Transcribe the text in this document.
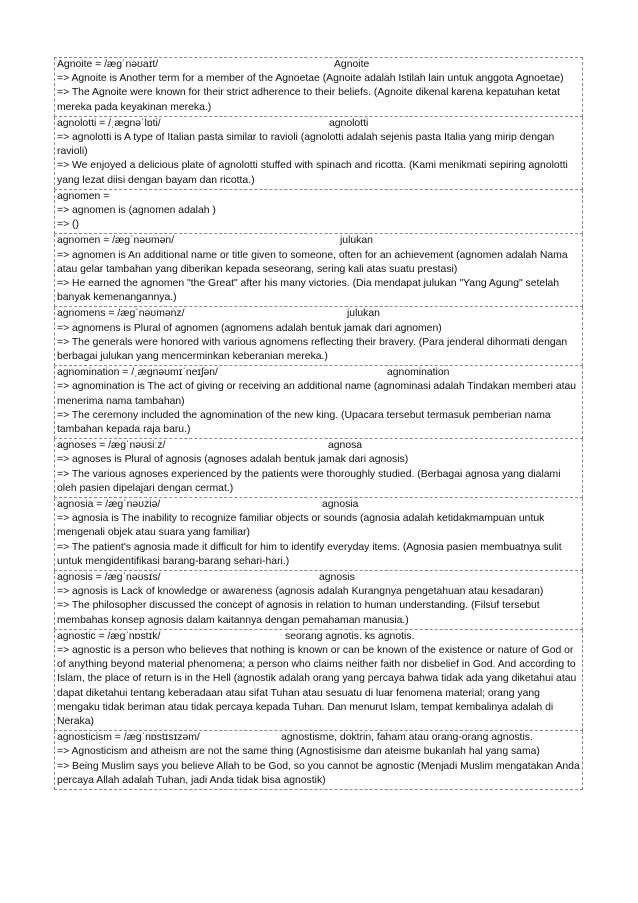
Agnoite = /æɡˈnəʊaɪt/	Agnoite
=> Agnoite is Another term for a member of the Agnoetae (Agnoite adalah Istilah lain untuk anggota Agnoetae)
=> The Agnoite were known for their strict adherence to their beliefs. (Agnoite dikenal karena kepatuhan ketat mereka pada keyakinan mereka.)
agnolotti = /ˌæɡnəˈlɒti/	agnolotti
=> agnolotti is A type of Italian pasta similar to ravioli (agnolotti adalah sejenis pasta Italia yang mirip dengan ravioli)
=> We enjoyed a delicious plate of agnolotti stuffed with spinach and ricotta. (Kami menikmati sepiring agnolotti yang lezat diisi dengan bayam dan ricotta.)
agnomen =
=> agnomen is (agnomen adalah )
=> ()
agnomen = /æɡˈnəʊmən/	julukan
=> agnomen is An additional name or title given to someone, often for an achievement (agnomen adalah Nama atau gelar tambahan yang diberikan kepada seseorang, sering kali atas suatu prestasi)
=> He earned the agnomen "the Great" after his many victories. (Dia mendapat julukan "Yang Agung" setelah banyak kemenangannya.)
agnomens = /æɡˈnəʊmənz/	julukan
=> agnomens is Plural of agnomen (agnomens adalah bentuk jamak dari agnomen)
=> The generals were honored with various agnomens reflecting their bravery. (Para jenderal dihormati dengan berbagai julukan yang mencerminkan keberanian mereka.)
agnomination = /ˌæɡnəʊmɪˈneɪʃən/	agnomination
=> agnomination is The act of giving or receiving an additional name (agnominasi adalah Tindakan memberi atau menerima nama tambahan)
=> The ceremony included the agnomination of the new king. (Upacara tersebut termasuk pemberian nama tambahan kepada raja baru.)
agnoses = /æɡˈnəʊsiːz/	agnosa
=> agnoses is Plural of agnosis (agnoses adalah bentuk jamak dari agnosis)
=> The various agnoses experienced by the patients were thoroughly studied. (Berbagai agnosa yang dialami oleh pasien dipelajari dengan cermat.)
agnosia = /æɡˈnəʊziə/	agnosia
=> agnosia is The inability to recognize familiar objects or sounds (agnosia adalah ketidakmampuan untuk mengenali objek atau suara yang familiar)
=> The patient's agnosia made it difficult for him to identify everyday items. (Agnosia pasien membuatnya sulit untuk mengidentifikasi barang-barang sehari-hari.)
agnosis = /æɡˈnəʊsɪs/	agnosis
=> agnosis is Lack of knowledge or awareness (agnosis adalah Kurangnya pengetahuan atau kesadaran)
=> The philosopher discussed the concept of agnosis in relation to human understanding. (Filsuf tersebut membahas konsep agnosis dalam kaitannya dengan pemahaman manusia.)
agnostic = /æɡˈnɒstɪk/	seorang agnotis. ks agnotis.
=> agnostic is a person who believes that nothing is known or can be known of the existence or nature of God or of anything beyond material phenomena; a person who claims neither faith nor disbelief in God. And according to Islam, the place of return is in the Hell (agnostik adalah orang yang percaya bahwa tidak ada yang diketahui atau dapat diketahui tentang keberadaan atau sifat Tuhan atau sesuatu di luar fenomena material; orang yang mengaku tidak beriman atau tidak percaya kepada Tuhan. Dan menurut Islam, tempat kembalinya adalah di Neraka)
agnosticism = /æɡˈnɒstɪsɪzəm/	agnostisme, doktrin, faham atau orang-orang agnostis.
=> Agnosticism and atheism are not the same thing (Agnostisisme dan ateisme bukanlah hal yang sama)
=> Being Muslim says you believe Allah to be God, so you cannot be agnostic (Menjadi Muslim mengatakan Anda percaya Allah adalah Tuhan, jadi Anda tidak bisa agnostik)
